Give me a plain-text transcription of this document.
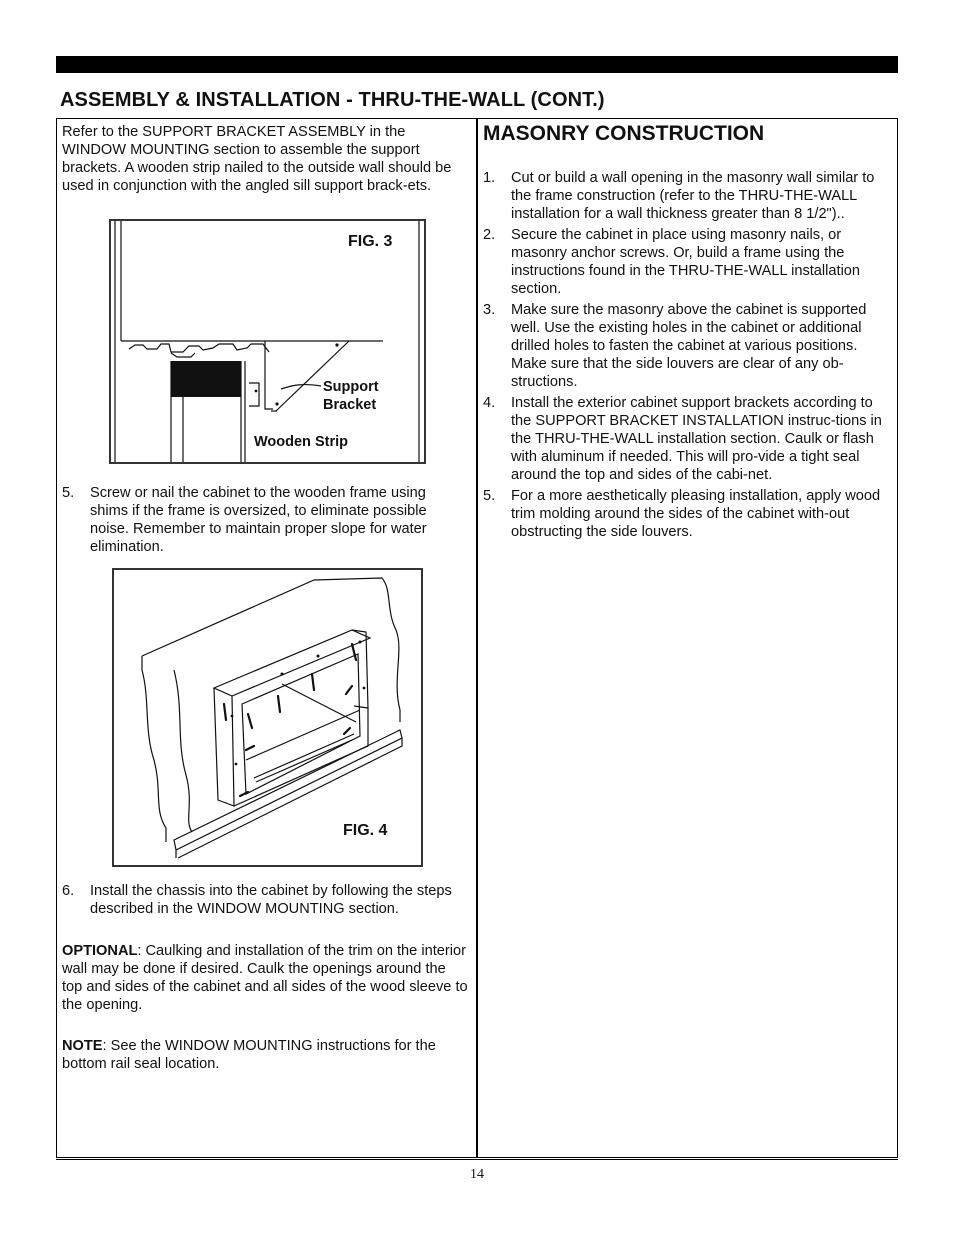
ASSEMBLY & INSTALLATION - THRU-THE-WALL (CONT.)

Refer to the SUPPORT BRACKET ASSEMBLY in the WINDOW MOUNTING section to assemble the support brackets. A wooden strip nailed to the outside wall should be used in conjunction with the angled sill support brack-ets.

FIG. 3
Support
Bracket
Wooden Strip
5. Screw or nail the cabinet to the wooden frame using shims if the frame is oversized, to eliminate possible noise. Remember to maintain proper slope for water elimination.
FIG. 4
6. Install the chassis into the cabinet by following the steps described in the WINDOW MOUNTING section.

OPTIONAL: Caulking and installation of the trim on the interior wall may be done if desired. Caulk the openings around the top and sides of the cabinet and all sides of the wood sleeve to the opening.

NOTE: See the WINDOW MOUNTING instructions for the bottom rail seal location.

MASONRY CONSTRUCTION
1. Cut or build a wall opening in the masonry wall similar to the frame construction (refer to the THRU-THE-WALL installation for a wall thickness greater than 8 1/2")..
2. Secure the cabinet in place using masonry nails, or masonry anchor screws. Or, build a frame using the instructions found in the THRU-THE-WALL installation section.
3. Make sure the masonry above the cabinet is supported well. Use the existing holes in the cabinet or additional drilled holes to fasten the cabinet at various positions. Make sure that the side louvers are clear of any ob-structions.
4. Install the exterior cabinet support brackets according to the SUPPORT BRACKET INSTALLATION instruc-tions in the THRU-THE-WALL installation section. Caulk or flash with aluminum if needed. This will pro-vide a tight seal around the top and sides of the cabi-net.
5. For a more aesthetically pleasing installation, apply wood trim molding around the sides of the cabinet with-out obstructing the side louvers.
14
